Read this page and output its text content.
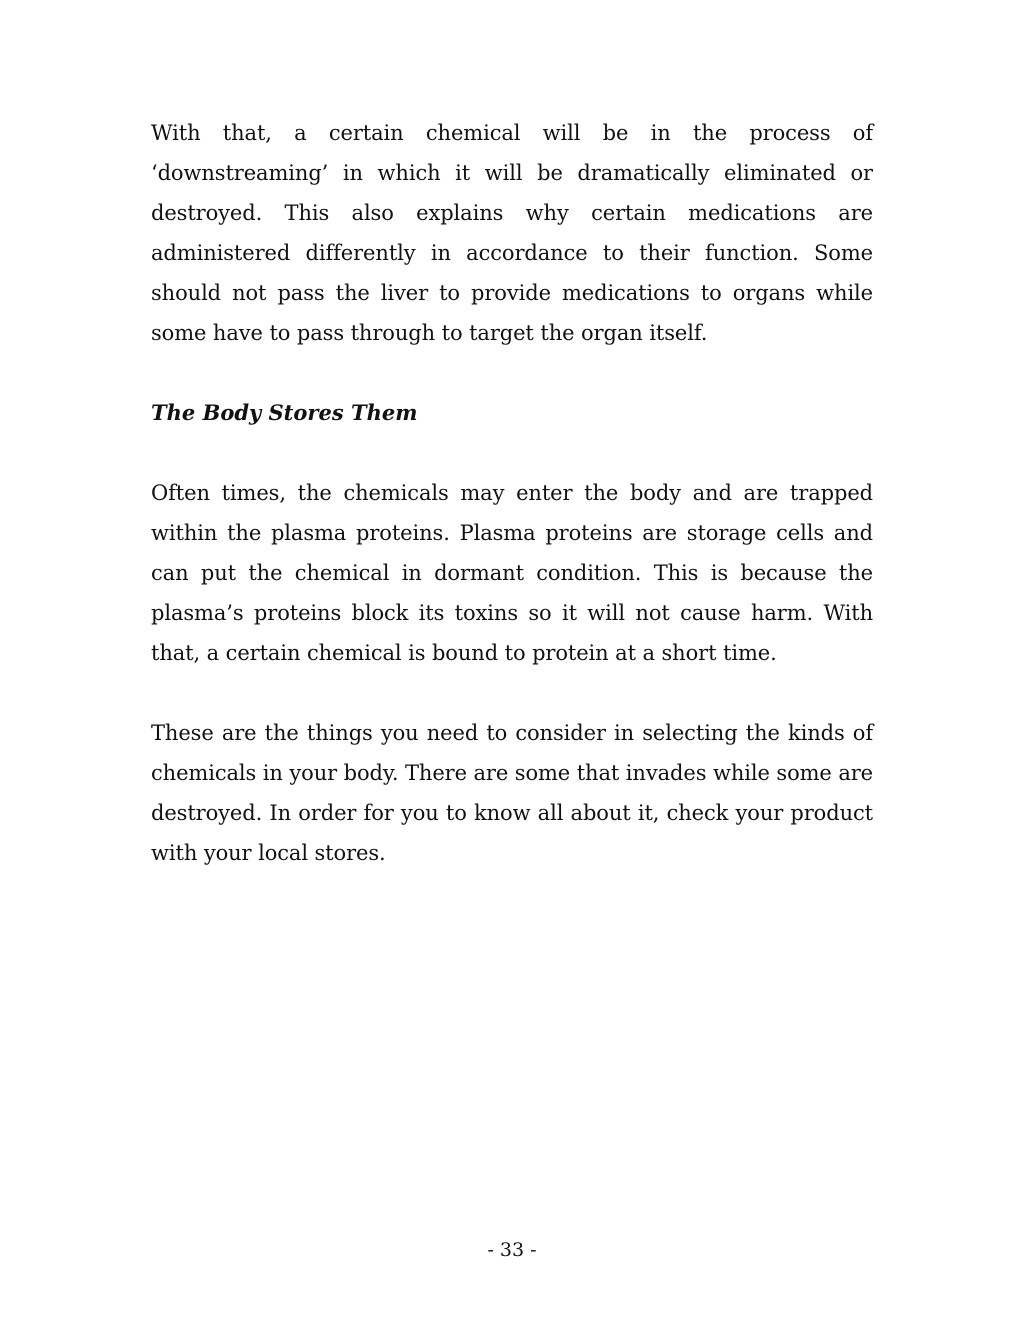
With that, a certain chemical will be in the process of ‘downstreaming’ in which it will be dramatically eliminated or destroyed. This also explains why certain medications are administered differently in accordance to their function. Some should not pass the liver to provide medications to organs while some have to pass through to target the organ itself.

The Body Stores Them

Often times, the chemicals may enter the body and are trapped within the plasma proteins. Plasma proteins are storage cells and can put the chemical in dormant condition. This is because the plasma’s proteins block its toxins so it will not cause harm. With that, a certain chemical is bound to protein at a short time.

These are the things you need to consider in selecting the kinds of chemicals in your body. There are some that invades while some are destroyed. In order for you to know all about it, check your product with your local stores.

- 33 -
